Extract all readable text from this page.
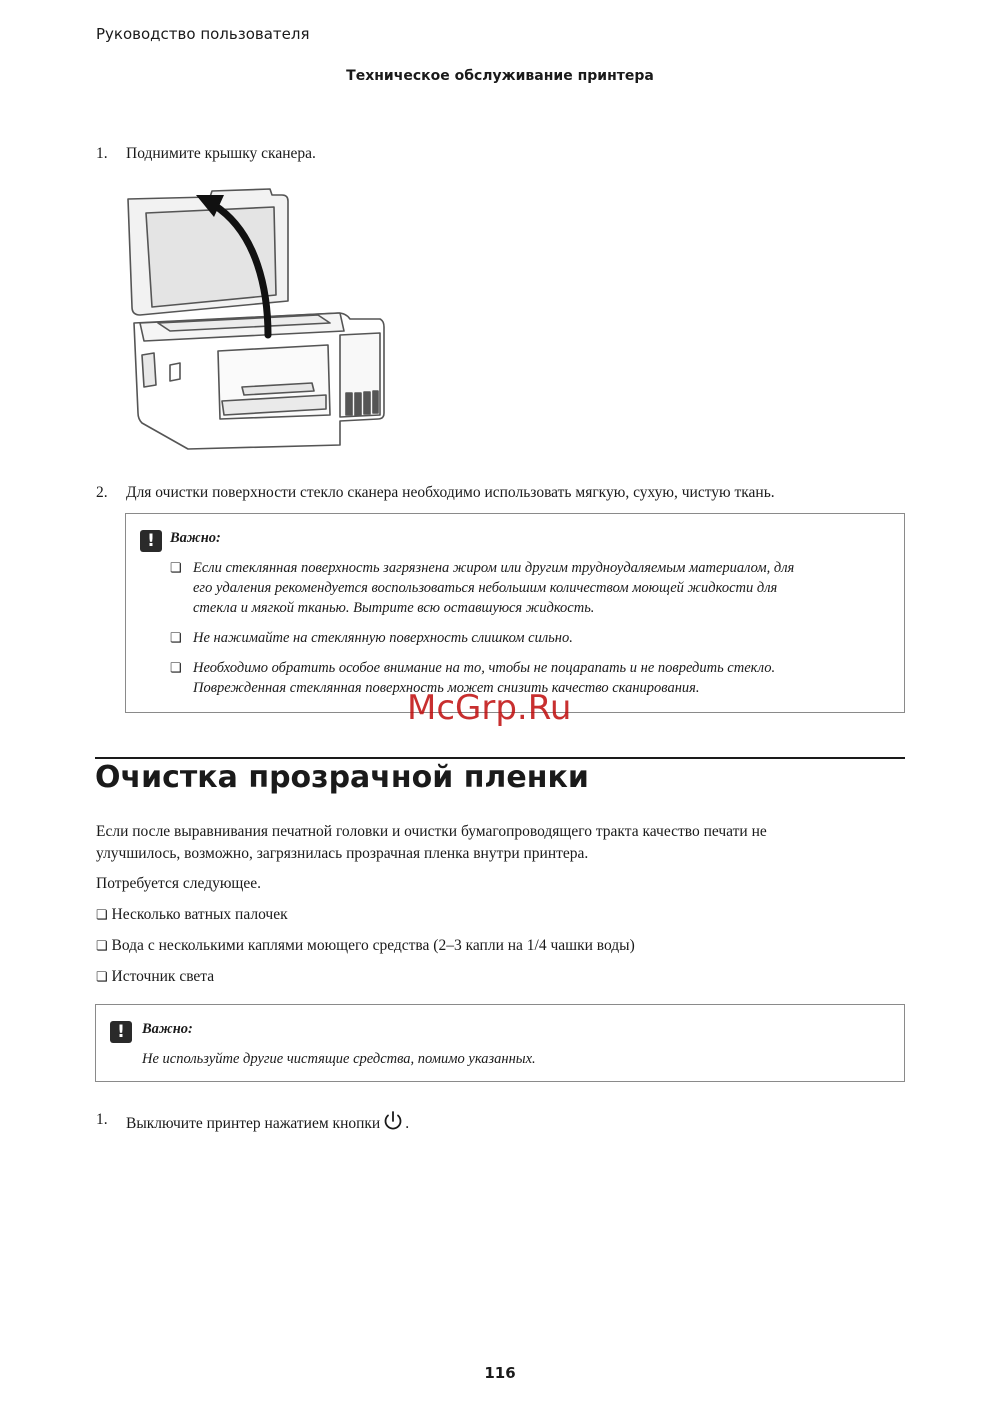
Руководство пользователя
Техническое обслуживание принтера
1. Поднимите крышку сканера.
2. Для очистки поверхности стекло сканера необходимо использовать мягкую, сухую, чистую ткань.
!	Важно:
❏ Если стеклянная поверхность загрязнена жиром или другим трудноудаляемым материалом, для
его удаления рекомендуется воспользоваться небольшим количеством моющей жидкости для
стекла и мягкой тканью. Вытрите всю оставшуюся жидкость.
❏ Не нажимайте на стеклянную поверхность слишком сильно.
❏ Необходимо обратить особое внимание на то, чтобы не поцарапать и не повредить стекло.
Поврежденная стеклянная поверхность может снизить качество сканирования.
McGrp.Ru
Очистка прозрачной пленки
Если после выравнивания печатной головки и очистки бумагопроводящего тракта качество печати не
улучшилось, возможно, загрязнилась прозрачная пленка внутри принтера.
Потребуется следующее.
❏ Несколько ватных палочек
❏ Вода с несколькими каплями моющего средства (2–3 капли на 1/4 чашки воды)
❏ Источник света
!	Важно:
Не используйте другие чистящие средства, помимо указанных.
1. Выключите принтер нажатием кнопки .
116
